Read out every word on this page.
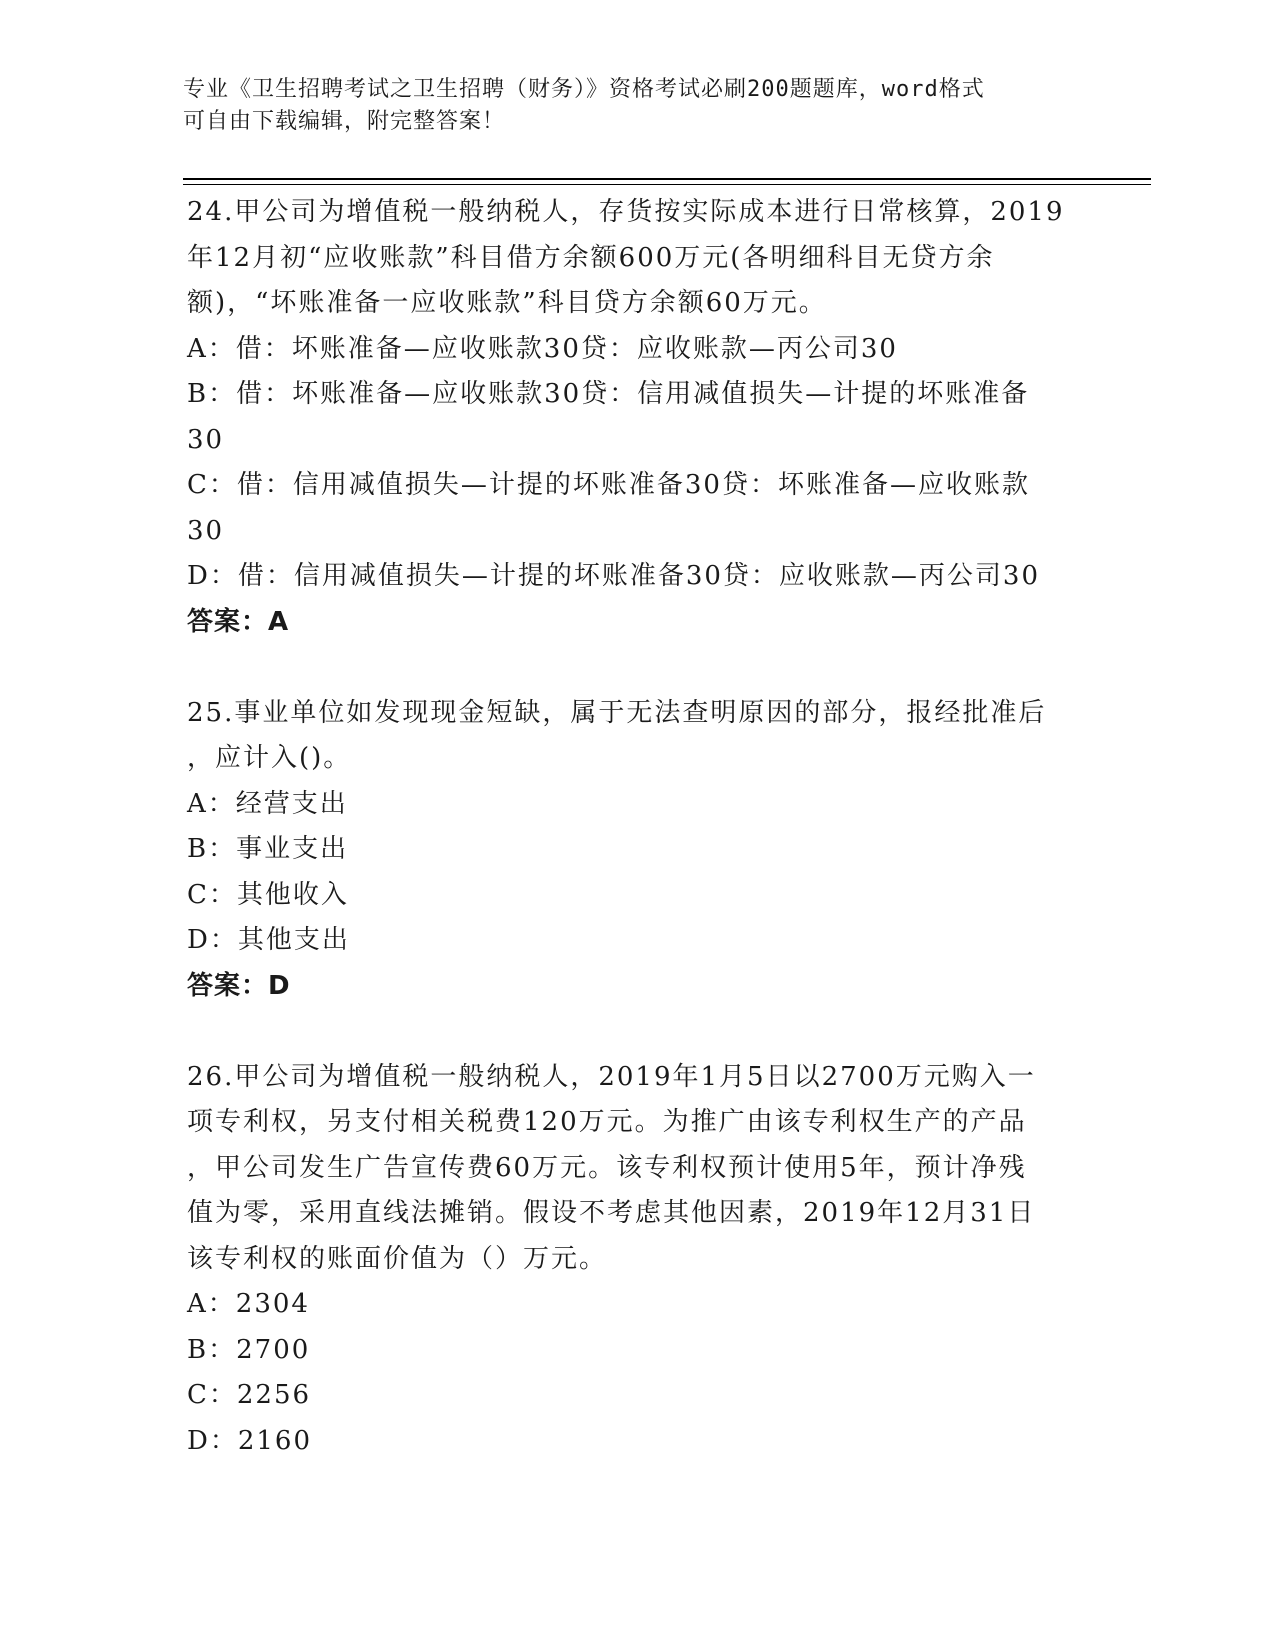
专业《卫生招聘考试之卫生招聘（财务）》资格考试必刷200题题库，word格式
可自由下载编辑，附完整答案！
24.甲公司为增值税一般纳税人，存货按实际成本进行日常核算，2019
年12月初“应收账款”科目借方余额600万元(各明细科目无贷方余
额)，“坏账准备一应收账款”科目贷方余额60万元。
A：借：坏账准备—应收账款30贷：应收账款—丙公司30
B：借：坏账准备—应收账款30贷：信用减值损失—计提的坏账准备
30
C：借：信用减值损失—计提的坏账准备30贷：坏账准备—应收账款
30
D：借：信用减值损失—计提的坏账准备30贷：应收账款—丙公司30
答案：A
25.事业单位如发现现金短缺，属于无法查明原因的部分，报经批准后
，应计入()。
A：经营支出
B：事业支出
C：其他收入
D：其他支出
答案：D
26.甲公司为增值税一般纳税人，2019年1月5日以2700万元购入一
项专利权，另支付相关税费120万元。为推广由该专利权生产的产品
，甲公司发生广告宣传费60万元。该专利权预计使用5年，预计净残
值为零，采用直线法摊销。假设不考虑其他因素，2019年12月31日
该专利权的账面价值为（）万元。
A：2304
B：2700
C：2256
D：2160
